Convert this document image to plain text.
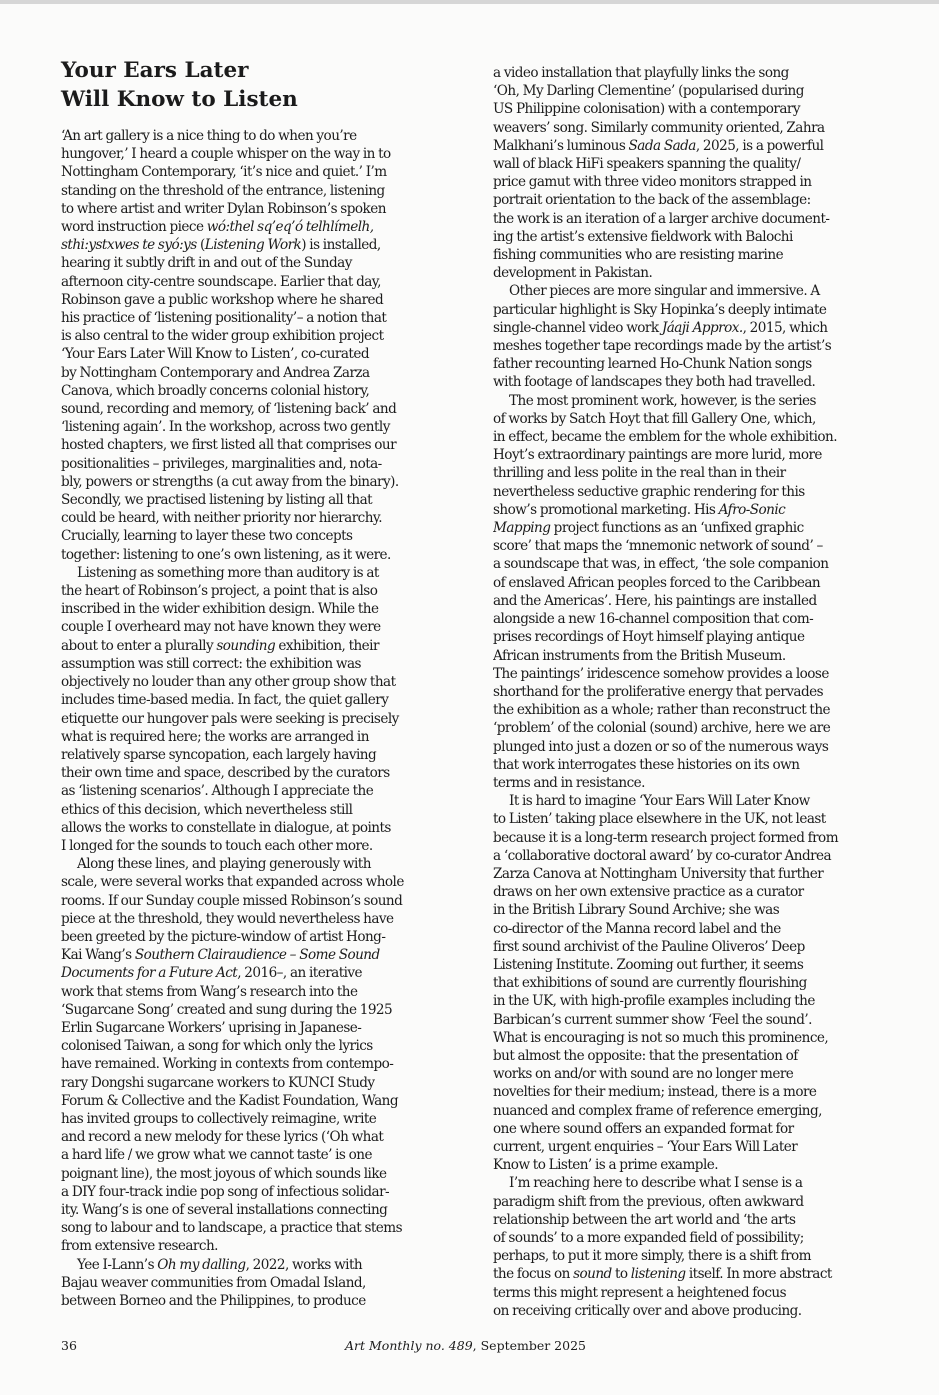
Your Ears Later
Will Know to Listen
‘An art gallery is a nice thing to do when you’re
hungover,’ I heard a couple whisper on the way in to
Nottingham Contemporary, ‘it’s nice and quiet.’ I’m
standing on the threshold of the entrance, listening
to where artist and writer Dylan Robinson’s spoken
word instruction piece wó:thel sq’eq’ó telhlímelh,
sthi:ystxwes te syó:ys (Listening Work) is installed,
hearing it subtly drift in and out of the Sunday
afternoon city-centre soundscape. Earlier that day,
Robinson gave a public workshop where he shared
his practice of ‘listening positionality’– a notion that
is also central to the wider group exhibition project
‘Your Ears Later Will Know to Listen’, co-curated
by Nottingham Contemporary and Andrea Zarza
Canova, which broadly concerns colonial history,
sound, recording and memory, of ‘listening back’ and
‘listening again’. In the workshop, across two gently
hosted chapters, we first listed all that comprises our
positionalities – privileges, marginalities and, nota-
bly, powers or strengths (a cut away from the binary).
Secondly, we practised listening by listing all that
could be heard, with neither priority nor hierarchy.
Crucially, learning to layer these two concepts
together: listening to one’s own listening, as it were.
Listening as something more than auditory is at
the heart of Robinson’s project, a point that is also
inscribed in the wider exhibition design. While the
couple I overheard may not have known they were
about to enter a plurally sounding exhibition, their
assumption was still correct: the exhibition was
objectively no louder than any other group show that
includes time-based media. In fact, the quiet gallery
etiquette our hungover pals were seeking is precisely
what is required here; the works are arranged in
relatively sparse syncopation, each largely having
their own time and space, described by the curators
as ‘listening scenarios’. Although I appreciate the
ethics of this decision, which nevertheless still
allows the works to constellate in dialogue, at points
I longed for the sounds to touch each other more.
Along these lines, and playing generously with
scale, were several works that expanded across whole
rooms. If our Sunday couple missed Robinson’s sound
piece at the threshold, they would nevertheless have
been greeted by the picture-window of artist Hong-
Kai Wang’s Southern Clairaudience – Some Sound
Documents for a Future Act, 2016–, an iterative
work that stems from Wang’s research into the
‘Sugarcane Song’ created and sung during the 1925
Erlin Sugarcane Workers’ uprising in Japanese-
colonised Taiwan, a song for which only the lyrics
have remained. Working in contexts from contempo-
rary Dongshi sugarcane workers to KUNCI Study
Forum & Collective and the Kadist Foundation, Wang
has invited groups to collectively reimagine, write
and record a new melody for these lyrics (‘Oh what
a hard life / we grow what we cannot taste’ is one
poignant line), the most joyous of which sounds like
a DIY four-track indie pop song of infectious solidar-
ity. Wang’s is one of several installations connecting
song to labour and to landscape, a practice that stems
from extensive research.
Yee I-Lann’s Oh my dalling, 2022, works with
Bajau weaver communities from Omadal Island,
between Borneo and the Philippines, to produce
a video installation that playfully links the song
‘Oh, My Darling Clementine’ (popularised during
US Philippine colonisation) with a contemporary
weavers’ song. Similarly community oriented, Zahra
Malkhani’s luminous Sada Sada, 2025, is a powerful
wall of black HiFi speakers spanning the quality/
price gamut with three video monitors strapped in
portrait orientation to the back of the assemblage:
the work is an iteration of a larger archive document-
ing the artist’s extensive fieldwork with Balochi
fishing communities who are resisting marine
development in Pakistan.
Other pieces are more singular and immersive. A
particular highlight is Sky Hopinka’s deeply intimate
single-channel video work Jáaji Approx., 2015, which
meshes together tape recordings made by the artist’s
father recounting learned Ho-Chunk Nation songs
with footage of landscapes they both had travelled.
The most prominent work, however, is the series
of works by Satch Hoyt that fill Gallery One, which,
in effect, became the emblem for the whole exhibition.
Hoyt’s extraordinary paintings are more lurid, more
thrilling and less polite in the real than in their
nevertheless seductive graphic rendering for this
show’s promotional marketing. His Afro-Sonic
Mapping project functions as an ‘unfixed graphic
score’ that maps the ‘mnemonic network of sound’ –
a soundscape that was, in effect, ‘the sole companion
of enslaved African peoples forced to the Caribbean
and the Americas’. Here, his paintings are installed
alongside a new 16-channel composition that com-
prises recordings of Hoyt himself playing antique
African instruments from the British Museum.
The paintings’ iridescence somehow provides a loose
shorthand for the proliferative energy that pervades
the exhibition as a whole; rather than reconstruct the
‘problem’ of the colonial (sound) archive, here we are
plunged into just a dozen or so of the numerous ways
that work interrogates these histories on its own
terms and in resistance.
It is hard to imagine ‘Your Ears Will Later Know
to Listen’ taking place elsewhere in the UK, not least
because it is a long-term research project formed from
a ‘collaborative doctoral award’ by co-curator Andrea
Zarza Canova at Nottingham University that further
draws on her own extensive practice as a curator
in the British Library Sound Archive; she was
co-director of the Manna record label and the
first sound archivist of the Pauline Oliveros’ Deep
Listening Institute. Zooming out further, it seems
that exhibitions of sound are currently flourishing
in the UK, with high-profile examples including the
Barbican’s current summer show ‘Feel the sound’.
What is encouraging is not so much this prominence,
but almost the opposite: that the presentation of
works on and/or with sound are no longer mere
novelties for their medium; instead, there is a more
nuanced and complex frame of reference emerging,
one where sound offers an expanded format for
current, urgent enquiries – ‘Your Ears Will Later
Know to Listen’ is a prime example.
I’m reaching here to describe what I sense is a
paradigm shift from the previous, often awkward
relationship between the art world and ‘the arts
of sounds’ to a more expanded field of possibility;
perhaps, to put it more simply, there is a shift from
the focus on sound to listening itself. In more abstract
terms this might represent a heightened focus
on receiving critically over and above producing.
36	Art Monthly no. 489, September 2025
